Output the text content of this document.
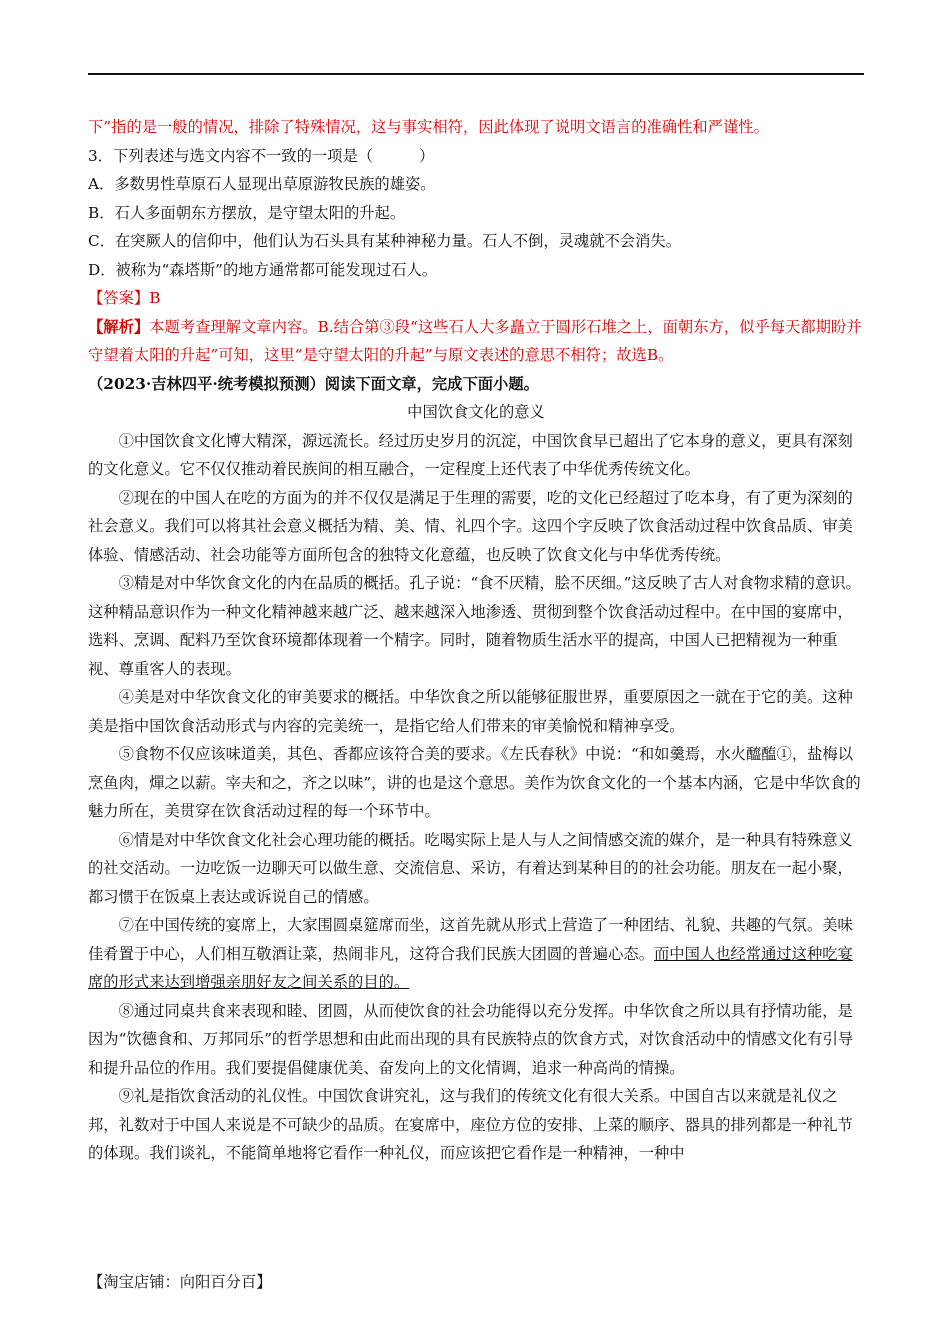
下”指的是一般的情况，排除了特殊情况，这与事实相符，因此体现了说明文语言的准确性和严谨性。

3．下列表述与选文内容不一致的一项是（　　　）

A．多数男性草原石人显现出草原游牧民族的雄姿。

B．石人多面朝东方摆放，是守望太阳的升起。

C．在突厥人的信仰中，他们认为石头具有某种神秘力量。石人不倒，灵魂就不会消失。

D．被称为“森塔斯”的地方通常都可能发现过石人。

【答案】B

【解析】本题考查理解文章内容。B.结合第③段“这些石人大多矗立于圆形石堆之上，面朝东方，似乎每天都期盼并守望着太阳的升起”可知，这里“是守望太阳的升起”与原文表述的意思不相符；故选B。

（2023·吉林四平·统考模拟预测）阅读下面文章，完成下面小题。

中国饮食文化的意义

①中国饮食文化博大精深，源远流长。经过历史岁月的沉淀，中国饮食早已超出了它本身的意义，更具有深刻的文化意义。它不仅仅推动着民族间的相互融合，一定程度上还代表了中华优秀传统文化。

②现在的中国人在吃的方面为的并不仅仅是满足于生理的需要，吃的文化已经超过了吃本身，有了更为深刻的社会意义。我们可以将其社会意义概括为精、美、情、礼四个字。这四个字反映了饮食活动过程中饮食品质、审美体验、情感活动、社会功能等方面所包含的独特文化意蕴，也反映了饮食文化与中华优秀传统。

③精是对中华饮食文化的内在品质的概括。孔子说：“食不厌精，脍不厌细。”这反映了古人对食物求精的意识。这种精品意识作为一种文化精神越来越广泛、越来越深入地渗透、贯彻到整个饮食活动过程中。在中国的宴席中，选料、烹调、配料乃至饮食环境都体现着一个精字。同时，随着物质生活水平的提高，中国人已把精视为一种重视、尊重客人的表现。

④美是对中华饮食文化的审美要求的概括。中华饮食之所以能够征服世界，重要原因之一就在于它的美。这种美是指中国饮食活动形式与内容的完美统一，是指它给人们带来的审美愉悦和精神享受。

⑤食物不仅应该味道美，其色、香都应该符合美的要求。《左氏春秋》中说：“和如羹焉，水火醯醢①，盐梅以烹鱼肉，燀之以薪。宰夫和之，齐之以味”，讲的也是这个意思。美作为饮食文化的一个基本内涵，它是中华饮食的魅力所在，美贯穿在饮食活动过程的每一个环节中。

⑥情是对中华饮食文化社会心理功能的概括。吃喝实际上是人与人之间情感交流的媒介，是一种具有特殊意义的社交活动。一边吃饭一边聊天可以做生意、交流信息、采访，有着达到某种目的的社会功能。朋友在一起小聚，都习惯于在饭桌上表达或诉说自己的情感。

⑦在中国传统的宴席上，大家围圆桌筵席而坐，这首先就从形式上营造了一种团结、礼貌、共趣的气氛。美味佳肴置于中心，人们相互敬酒让菜，热闹非凡，这符合我们民族大团圆的普遍心态。而中国人也经常通过这种吃宴席的形式来达到增强亲朋好友之间关系的目的。

⑧通过同桌共食来表现和睦、团圆，从而使饮食的社会功能得以充分发挥。中华饮食之所以具有抒情功能，是因为“饮德食和、万邦同乐”的哲学思想和由此而出现的具有民族特点的饮食方式，对饮食活动中的情感文化有引导和提升品位的作用。我们要提倡健康优美、奋发向上的文化情调，追求一种高尚的情操。

⑨礼是指饮食活动的礼仪性。中国饮食讲究礼，这与我们的传统文化有很大关系。中国自古以来就是礼仪之邦，礼数对于中国人来说是不可缺少的品质。在宴席中，座位方位的安排、上菜的顺序、器具的排列都是一种礼节的体现。我们谈礼，不能简单地将它看作一种礼仪，而应该把它看作是一种精神，一种中

【淘宝店铺：向阳百分百】
